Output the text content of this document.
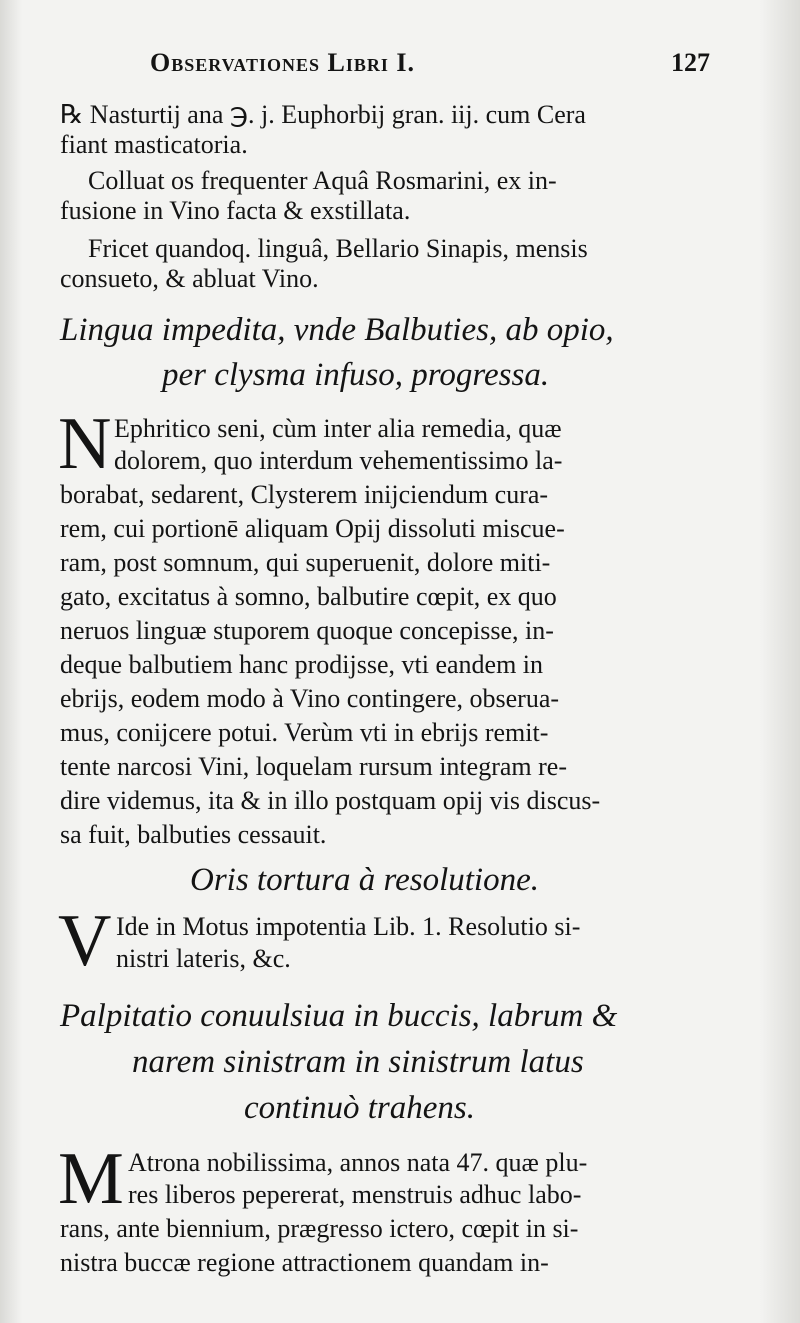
Observationes Libri I.	127
℞ Nasturtij ana ℈. j. Euphorbij gran. iij. cum Cera
fiant masticatoria.
Colluat os frequenter Aquâ Rosmarini, ex in-
fusione in Vino facta & exstillata.
Fricet quandoq. linguâ, Bellario Sinapis, mensis
consueto, & abluat Vino.
Lingua impedita, vnde Balbuties, ab opio,
per clysma infuso, progressa.
N Ephritico seni, cùm inter alia remedia, quæ
dolorem, quo interdum vehementissimo la-
borabat, sedarent, Clysterem inijciendum cura-
rem, cui portionē aliquam Opij dissoluti miscue-
ram, post somnum, qui superuenit, dolore miti-
gato, excitatus à somno, balbutire cœpit, ex quo
neruos linguæ stuporem quoque concepisse, in-
deque balbutiem hanc prodijsse, vti eandem in
ebrijs, eodem modo à Vino contingere, obserua-
mus, conijcere potui. Verùm vti in ebrijs remit-
tente narcosi Vini, loquelam rursum integram re-
dire videmus, ita & in illo postquam opij vis discus-
sa fuit, balbuties cessauit.
Oris tortura à resolutione.
V Ide in Motus impotentia Lib. 1. Resolutio si-
nistri lateris, &c.
Palpitatio conuulsiua in buccis, labrum &
narem sinistram in sinistrum latus
continuò trahens.
M Atrona nobilissima, annos nata 47. quæ plu-
res liberos pepererat, menstruis adhuc labo-
rans, ante biennium, prægresso ictero, cœpit in si-
nistra buccæ regione attractionem quandam in-
